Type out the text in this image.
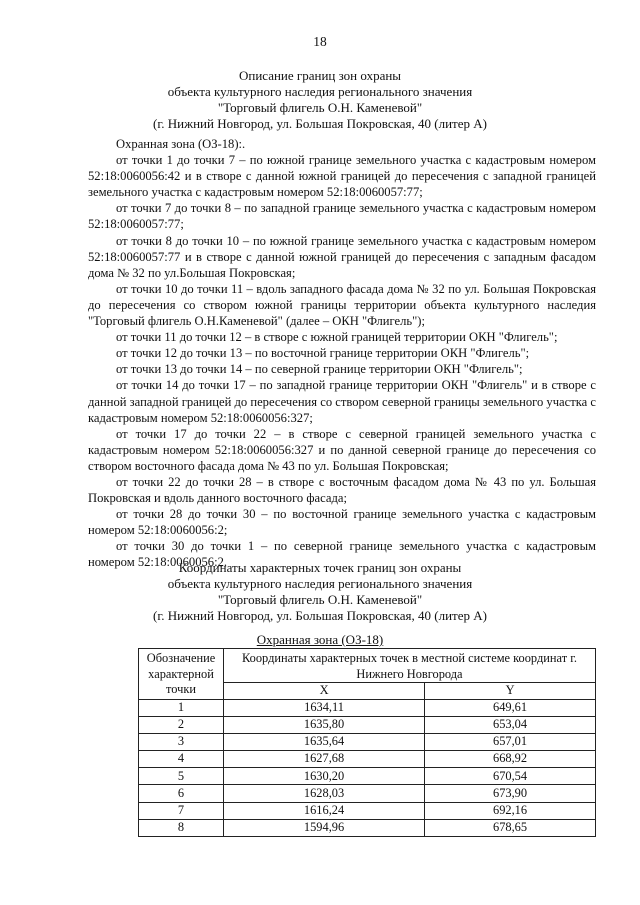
18
Описание границ зон охраны
объекта культурного наследия регионального значения
"Торговый флигель О.Н. Каменевой"
(г. Нижний Новгород, ул. Большая Покровская, 40 (литер А)

Охранная зона (ОЗ-18):.

от точки 1 до точки 7 – по южной границе земельного участка с кадастровым номером 52:18:0060056:42 и в створе с данной южной границей до пересечения с западной границей земельного участка с кадастровым номером 52:18:0060057:77;

от точки 7 до точки 8 – по западной границе земельного участка с кадастровым номером 52:18:0060057:77;

от точки 8 до точки 10 – по южной границе земельного участка с кадастровым номером 52:18:0060057:77 и в створе с данной южной границей до пересечения с западным фасадом дома № 32 по ул.Большая Покровская;

от точки 10 до точки 11 – вдоль западного фасада дома № 32 по ул. Большая Покровская до пересечения со створом южной границы территории объекта культурного наследия "Торговый флигель О.Н.Каменевой" (далее – ОКН "Флигель");

от точки 11 до точки 12 – в створе с южной границей территории ОКН "Флигель";

от точки 12 до точки 13 – по восточной границе территории ОКН "Флигель";

от точки 13 до точки 14 – по северной границе территории ОКН "Флигель";

от точки 14 до точки 17 – по западной границе территории ОКН "Флигель" и в створе с данной западной границей до пересечения со створом северной границы земельного участка с кадастровым номером 52:18:0060056:327;

от точки 17 до точки 22 – в створе с северной границей земельного участка с кадастровым номером 52:18:0060056:327 и по данной северной границе до пересечения со створом восточного фасада дома № 43 по ул. Большая Покровская;

от точки 22 до точки 28 – в створе с восточным фасадом дома № 43 по ул. Большая Покровская и вдоль данного восточного фасада;

от точки 28 до точки 30 – по восточной границе земельного участка с кадастровым номером 52:18:0060056:2;

от точки 30 до точки 1 – по северной границе земельного участка с кадастровым номером 52:18:0060056:2.

Координаты характерных точек границ зон охраны
объекта культурного наследия регионального значения
"Торговый флигель О.Н. Каменевой"
(г. Нижний Новгород, ул. Большая Покровская, 40 (литер А)
Охранная зона (ОЗ-18)
Обозначение характерной точки	Координаты характерных точек в местной системе координат г. Нижнего Новгорода	
	X	Y
1	1634,11	649,61
2	1635,80	653,04
3	1635,64	657,01
4	1627,68	668,92
5	1630,20	670,54
6	1628,03	673,90
7	1616,24	692,16
8	1594,96	678,65
